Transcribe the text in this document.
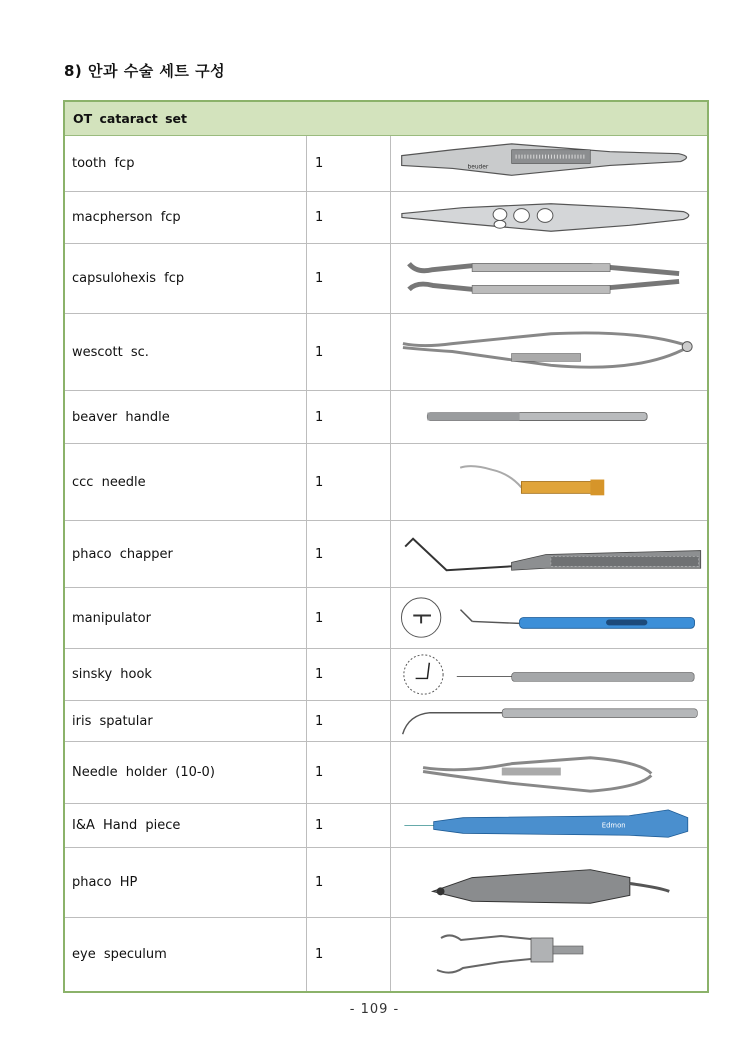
8) 안과 수술 세트 구성
OT cataract set
tooth fcp	1	beuder
macpherson fcp	1
capsulohexis fcp	1
wescott sc.	1
beaver handle	1
ccc needle	1
phaco chapper	1
manipulator	1
sinsky hook	1
iris spatular	1
Needle holder (10-0)	1
I&A Hand piece	1	Edmon
phaco HP	1
eye speculum	1
- 109 -
